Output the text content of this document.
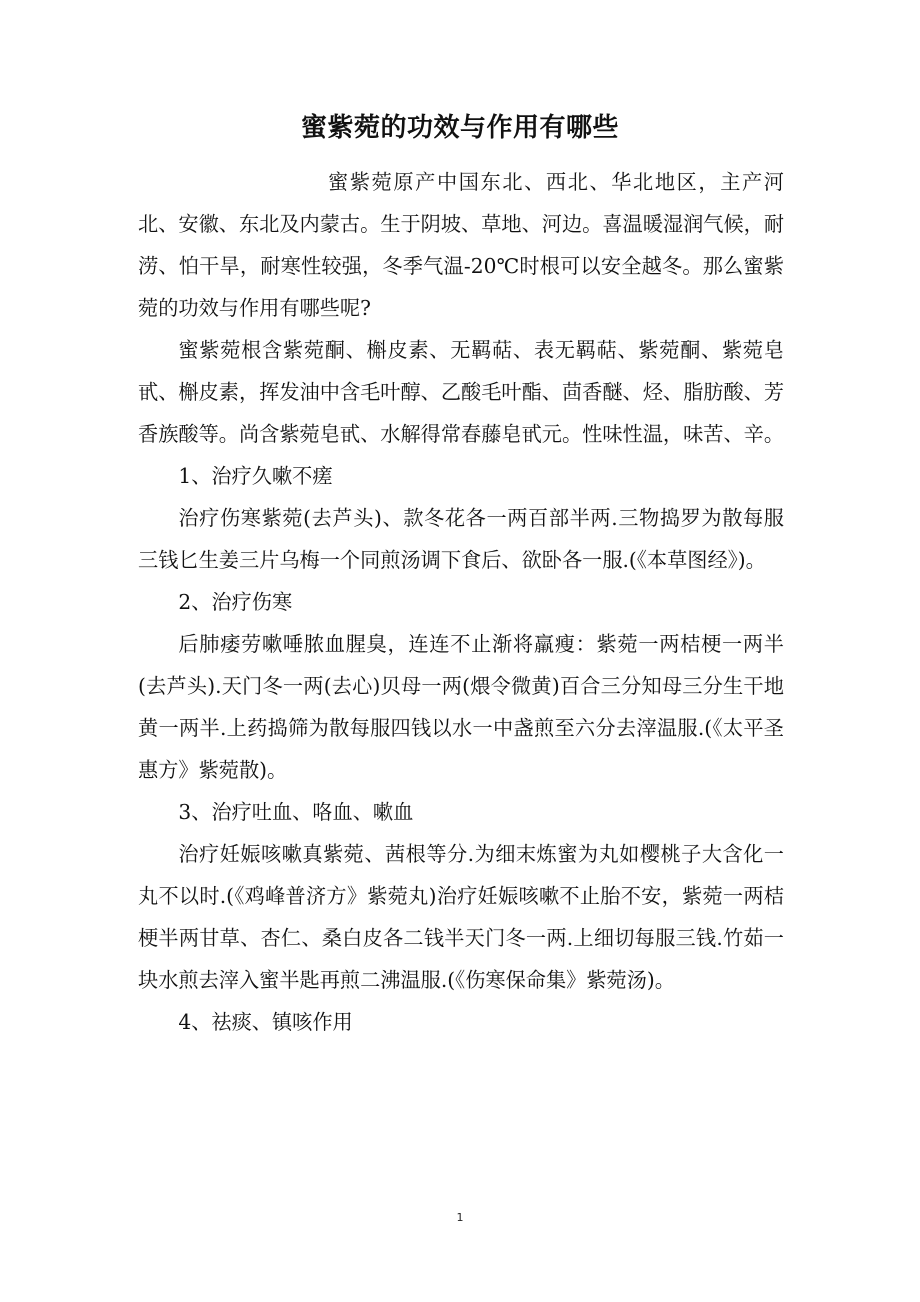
蜜紫菀的功效与作用有哪些

蜜紫菀原产中国东北、西北、华北地区，主产河北、安徽、东北及内蒙古。生于阴坡、草地、河边。喜温暖湿润气候，耐涝、怕干旱，耐寒性较强，冬季气温-20℃时根可以安全越冬。那么蜜紫菀的功效与作用有哪些呢?

蜜紫菀根含紫菀酮、槲皮素、无羁萜、表无羁萜、紫菀酮、紫菀皂甙、槲皮素，挥发油中含毛叶醇、乙酸毛叶酯、茴香醚、烃、脂肪酸、芳香族酸等。尚含紫菀皂甙、水解得常春藤皂甙元。性味性温，味苦、辛。

1、治疗久嗽不瘥

治疗伤寒紫菀(去芦头)、款冬花各一两百部半两.三物捣罗为散每服三钱匕生姜三片乌梅一个同煎汤调下食后、欲卧各一服.(《本草图经》)。

2、治疗伤寒

后肺痿劳嗽唾脓血腥臭，连连不止渐将羸瘦：紫菀一两桔梗一两半(去芦头).天门冬一两(去心)贝母一两(煨令微黄)百合三分知母三分生干地黄一两半.上药捣筛为散每服四钱以水一中盏煎至六分去滓温服.(《太平圣惠方》紫菀散)。

3、治疗吐血、咯血、嗽血

治疗妊娠咳嗽真紫菀、茜根等分.为细末炼蜜为丸如樱桃子大含化一丸不以时.(《鸡峰普济方》紫菀丸)治疗妊娠咳嗽不止胎不安，紫菀一两桔梗半两甘草、杏仁、桑白皮各二钱半天门冬一两.上细切每服三钱.竹茹一块水煎去滓入蜜半匙再煎二沸温服.(《伤寒保命集》紫菀汤)。

4、祛痰、镇咳作用

1
